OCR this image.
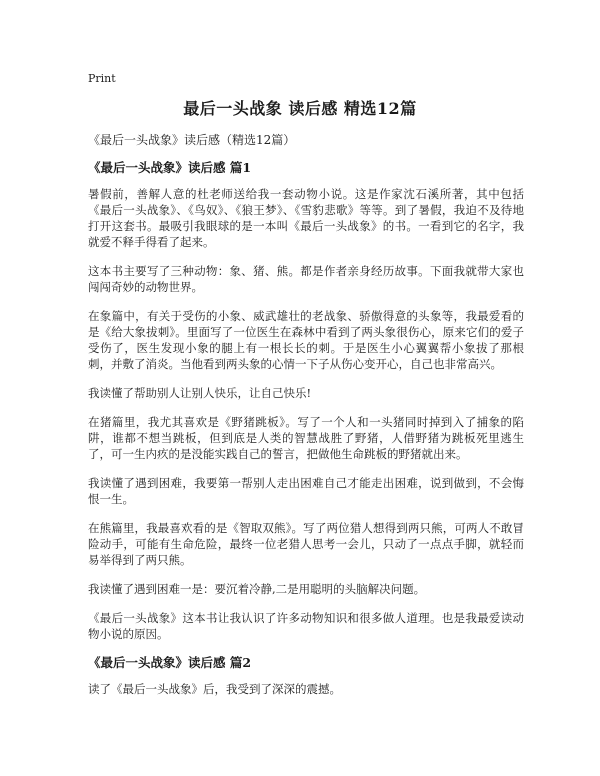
Print
最后一头战象 读后感 精选12篇

《最后一头战象》读后感（精选12篇）

《最后一头战象》读后感 篇1

暑假前，善解人意的杜老师送给我一套动物小说。这是作家沈石溪所著，其中包括《最后一头战象》、《鸟奴》、《狼王梦》、《雪豹悲歌》等等。到了暑假，我迫不及待地打开这套书。最吸引我眼球的是一本叫《最后一头战象》的书。一看到它的名字，我就爱不释手得看了起来。

这本书主要写了三种动物：象、猪、熊。都是作者亲身经历故事。下面我就带大家也闯闯奇妙的动物世界。

在象篇中，有关于受伤的小象、威武雄壮的老战象、骄傲得意的头象等，我最爱看的是《给大象拔刺》。里面写了一位医生在森林中看到了两头象很伤心，原来它们的爱子受伤了，医生发现小象的腿上有一根长长的刺。于是医生小心翼翼帮小象拔了那根刺，并敷了消炎。当他看到两头象的心情一下子从伤心变开心，自己也非常高兴。

我读懂了帮助别人让别人快乐，让自己快乐!

在猪篇里，我尤其喜欢是《野猪跳板》。写了一个人和一头猪同时掉到入了捕象的陷阱，谁都不想当跳板，但到底是人类的智慧战胜了野猪，人借野猪为跳板死里逃生了，可一生内疚的是没能实践自己的誓言，把做他生命跳板的野猪就出来。

我读懂了遇到困难，我要第一帮别人走出困难自己才能走出困难，说到做到，不会悔恨一生。

在熊篇里，我最喜欢看的是《智取双熊》。写了两位猎人想得到两只熊，可两人不敢冒险动手，可能有生命危险，最终一位老猎人思考一会儿，只动了一点点手脚，就轻而易举得到了两只熊。

我读懂了遇到困难一是：要沉着冷静,二是用聪明的头脑解决问题。

《最后一头战象》这本书让我认识了许多动物知识和很多做人道理。也是我最爱读动物小说的原因。

《最后一头战象》读后感 篇2

读了《最后一头战象》后，我受到了深深的震撼。
